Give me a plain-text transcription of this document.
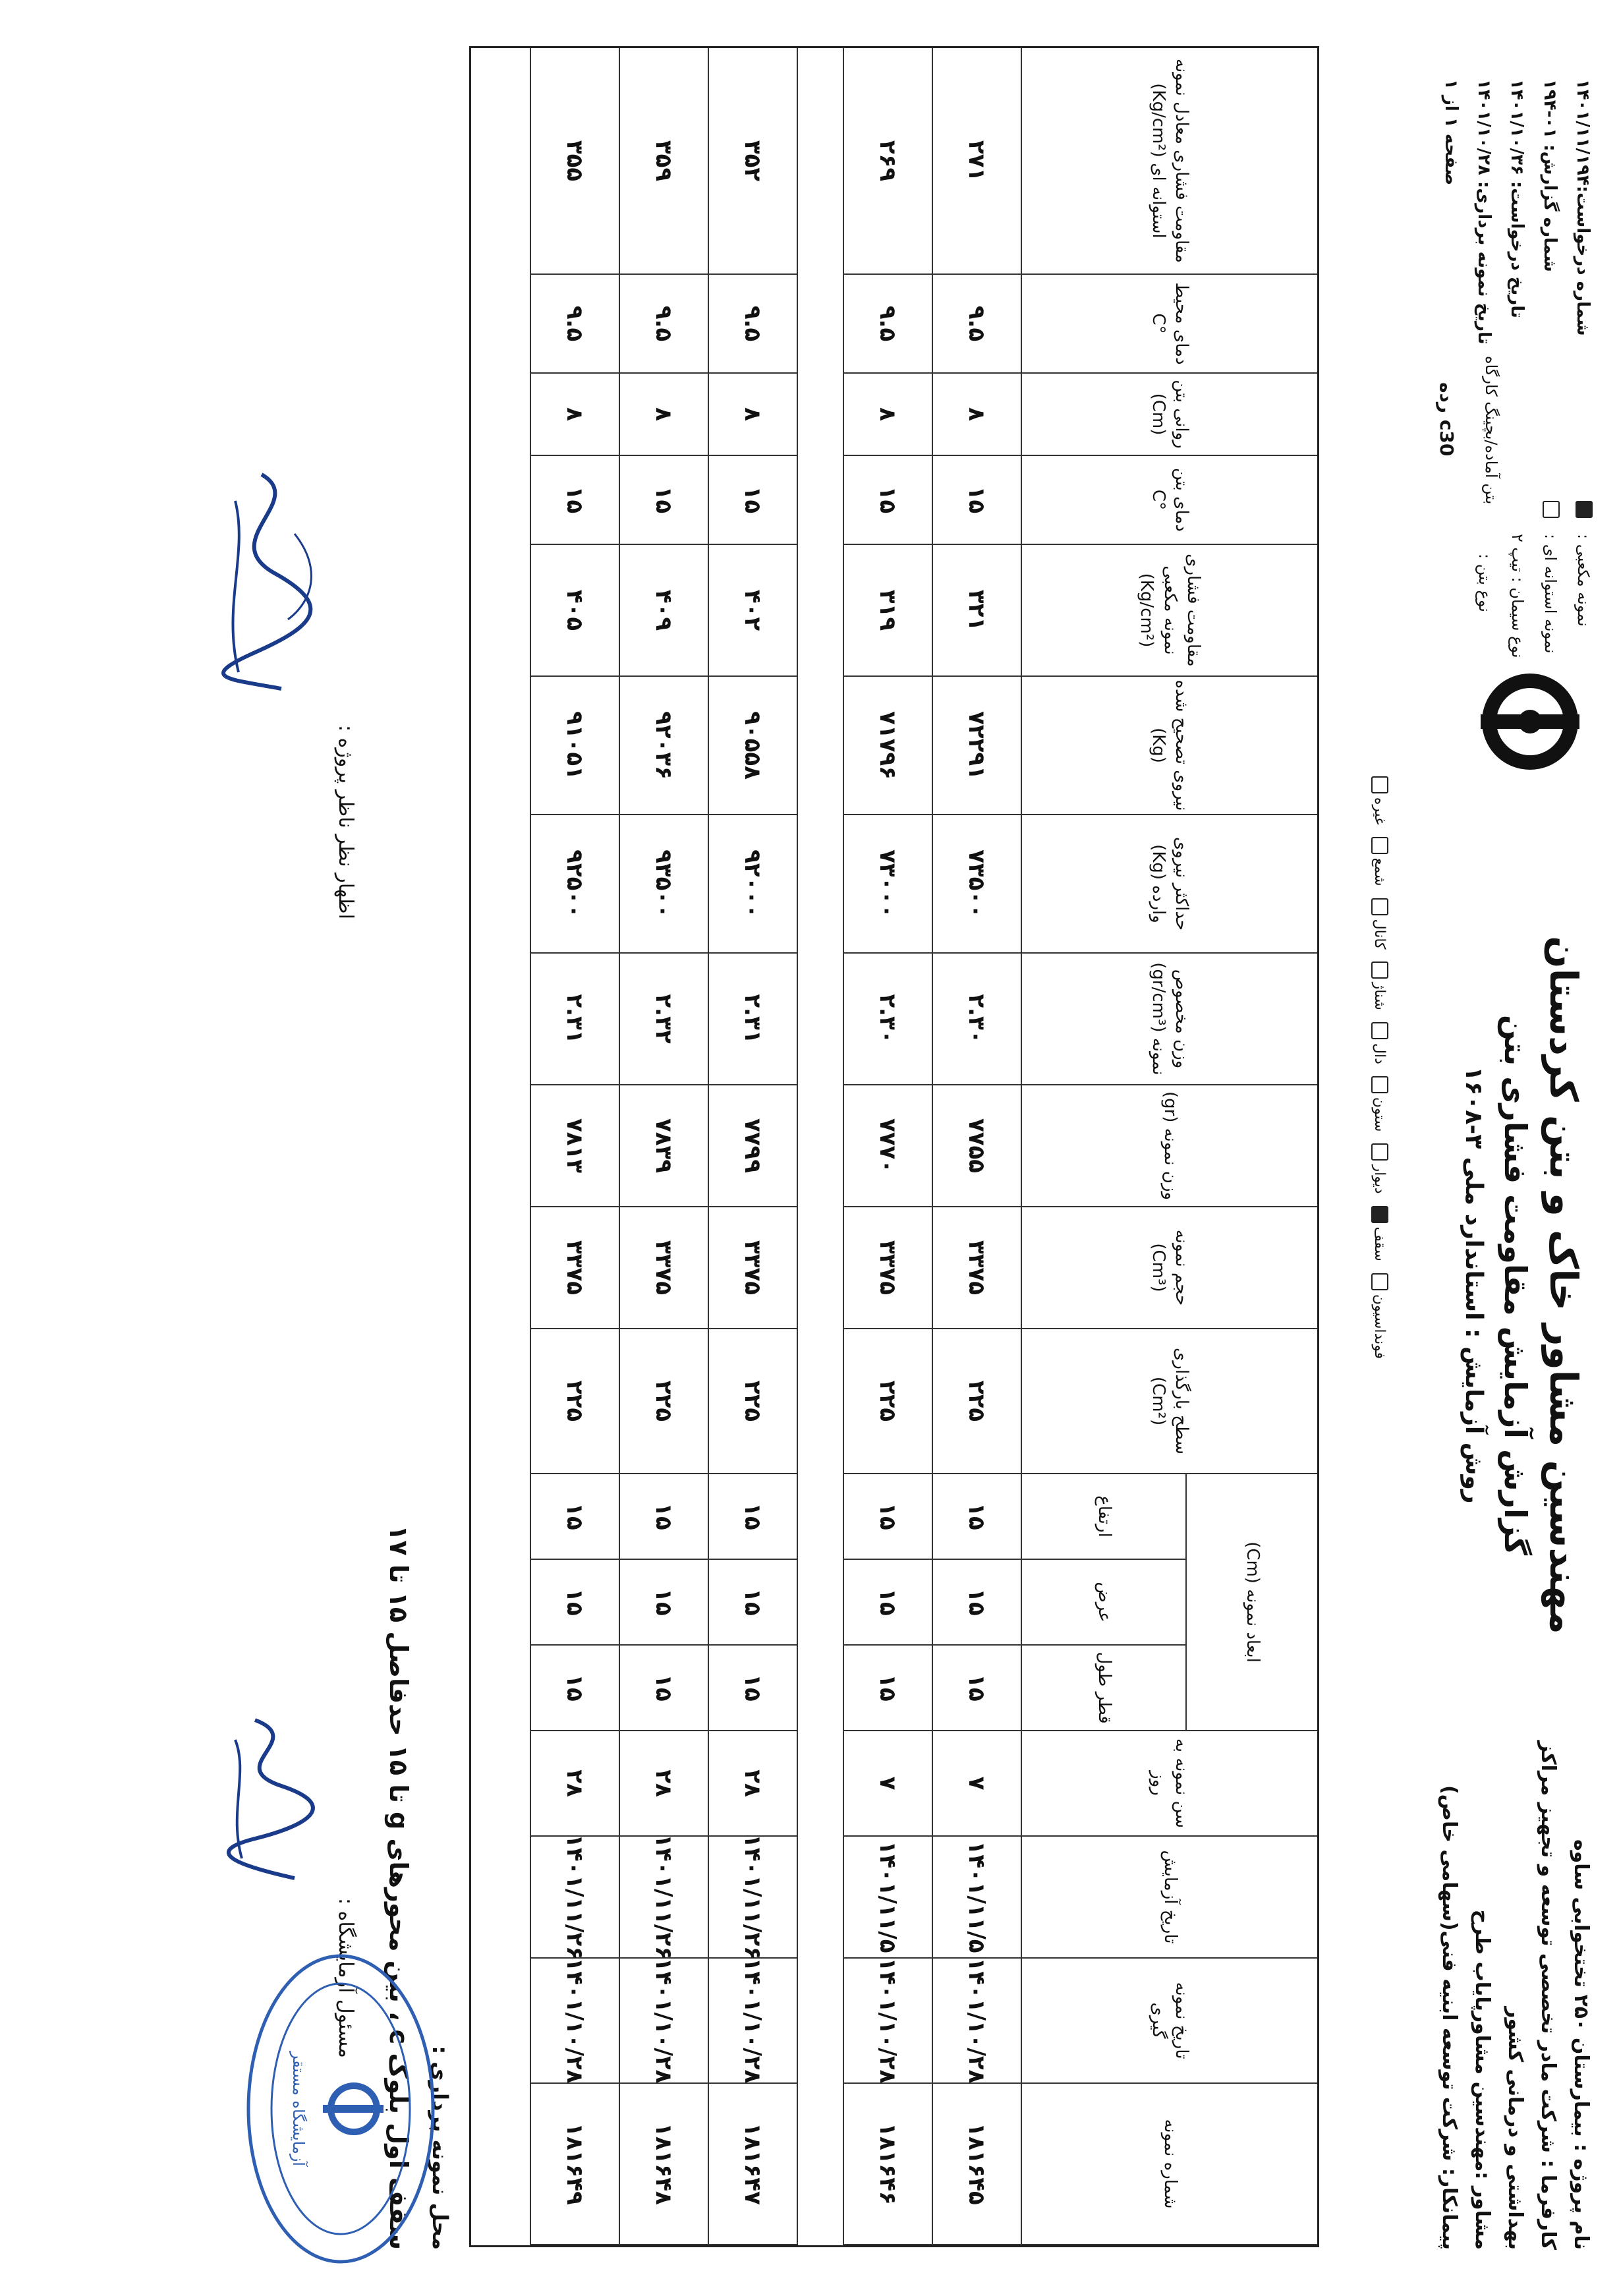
نام پروژه : بیمارستان ۲۵۰ تختخوابی ساوه
کارفرما : شرکت مادر تخصصی توسعه و تجهیز مراکز
بهداشتی و درمانی کشور
مشاور :مهندسین مشاورپایاب طرح
پیمانکار: شرکت توسعه ابنیه فنی(سهامی خاص)
مهندسین مشاور خاک و بتن کردستان
گزارش آزمایش مقاومت فشاری بتن
روش آزمایش : استاندارد ملی ۳-۱۶۰۸
فونداسیون
سقف
دیوار
ستون
دال
شناژ
کانال
شمع
غیره
شماره درخواست:۱۴۰۱/۱۱/۱۹۴
شماره گزارش: ۰۱-۱۹۴
تاریخ درخواست: ۱۴۰۱/۱۰/۳۶
تاریخ نمونه برداری: ۱۴۰۱/۱۰/۲۸
صفحه ۱ از ۱
بتن آماده/بچینگ کارگاه
رده c30
نمونه مکعبی :
نمونه استوانه ای :
نوع سیمان : تیپ ۲
نوع بتن :
شماره نمونه
تاریخ نمونه گیری
تاریخ آزمایش
سن نمونه به روز
سطح بارگذاری (Cm²)
حجم نمونه (Cm³)
وزن نمونه (gr)
وزن مخصوص نمونه (gr/cm³)
حداکثر نیروی وارده (Kg)
نیروی تصحیح شده (Kg)
مقاومت فشاری نمونه مکعبی (Kg/cm²)
دمای بتن °C
روانی بتن (Cm)
دمای محیط °C
مقاومت فشاری معادل نمونه استوانه ای (Kg/cm²)
ابعاد نمونه (Cm)
قطر طول
عرض
ارتفاع
۱۸۱۶۴۵
۱۴۰۱/۱۰/۲۸
۱۴۰۱/۱۱/۵
۷
۱۵
۱۵
۱۵
۲۲۵
۳۳۷۵
۷۷۵۵
۲.۳۰
۷۳۵۰۰
۷۲۲۹۱
۳۲۱
۱۵
۸
۹.۵
۲۷۱
۱۸۱۶۴۶
۱۴۰۱/۱۰/۲۸
۱۴۰۱/۱۱/۵
۷
۱۵
۱۵
۱۵
۲۲۵
۳۳۷۵
۷۷۷۰
۲.۳۰
۷۳۰۰۰
۷۱۷۹۶
۳۱۹
۱۵
۸
۹.۵
۲۶۹
۱۸۱۶۴۷
۱۴۰۱/۱۰/۲۸
۱۴۰۱/۱۱/۲۶
۲۸
۱۵
۱۵
۱۵
۲۲۵
۳۳۷۵
۷۷۹۹
۲.۳۱
۹۲۰۰۰
۹۰۵۵۸
۴۰۲
۱۵
۸
۹.۵
۳۵۲
۱۸۱۶۴۸
۱۴۰۱/۱۰/۲۸
۱۴۰۱/۱۱/۲۶
۲۸
۱۵
۱۵
۱۵
۲۲۵
۳۳۷۵
۷۸۳۹
۲.۳۲
۹۳۵۰۰
۹۲۰۳۶
۴۰۹
۱۵
۸
۹.۵
۳۵۹
۱۸۱۶۴۹
۱۴۰۱/۱۰/۲۸
۱۴۰۱/۱۱/۲۶
۲۸
۱۵
۱۵
۱۵
۲۲۵
۳۳۷۵
۷۸۱۳
۲.۳۱
۹۲۵۰۰
۹۱۰۵۱
۴۰۵
۱۵
۸
۹.۵
۳۵۵
محل نمونه برداری :
سقف اول بلوک c ، بین محورهای g تا ۱۵ حدفاصل ۱۵ تا ۱۷
مسئول آزمایشگاه :
اظهار نظر ناظر پروژه :
آزمایشگاه مستقر
